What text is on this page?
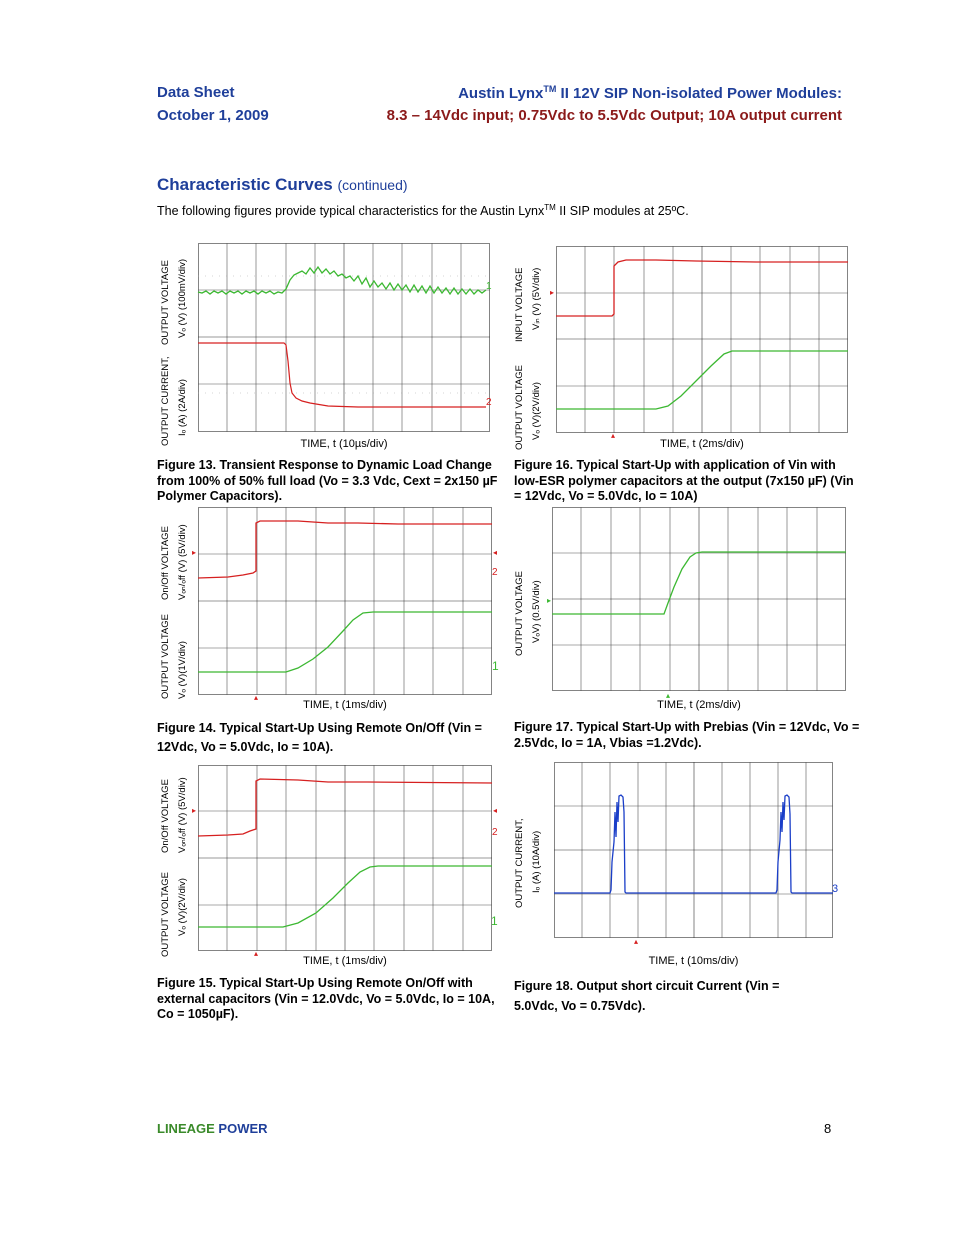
Data Sheet
October 1, 2009
Austin Lynx™ II 12V SIP Non-isolated Power Modules:
8.3 – 14Vdc input; 0.75Vdc to 5.5Vdc Output; 10A output current
Characteristic Curves (continued)
The following figures provide typical characteristics for the Austin Lynx™ II SIP modules at 25ºC.
OUTPUT CURRENT,
OUTPUT VOLTAGE
Iₒ (A) (2A/div)
Vₒ (V) (100mV/div)	1
2
TIME, t (10µs/div)
Figure 13. Transient Response to Dynamic Load Change from 100% of 50% full load (Vo = 3.3 Vdc, Cext = 2x150 µF Polymer Capacitors).
INPUT VOLTAGE Vᵢₙ (V) (5V/div)
OUTPUT VOLTAGE Vₒ (V)(2V/div)
▸
▴
TIME, t (2ms/div)
Figure 16. Typical Start-Up with application of Vin with low-ESR polymer capacitors at the output (7x150 µF) (Vin = 12Vdc, Vo = 5.0Vdc, Io = 10A)
On/Off VOLTAGE Vₒₙ/ₒff (V) (5V/div)
OUTPUT VOLTAGE Vₒ (V)(1V/div)
▸	◂
2
1
▴
TIME, t (1ms/div)
Figure 14. Typical Start-Up Using Remote On/Off (Vin = 12Vdc, Vo = 5.0Vdc, Io = 10A).
OUTPUT VOLTAGE VₒV) (0.5V/div) ▸
▴
TIME, t (2ms/div)
Figure 17. Typical Start-Up with Prebias (Vin = 12Vdc, Vo = 2.5Vdc, Io = 1A, Vbias =1.2Vdc).
On/Off VOLTAGE Vₒₙ/ₒff (V) (5V/div)
OUTPUT VOLTAGE Vₒ (V)(2V/div)
▸	◂
2
1
▴
TIME, t (1ms/div)
Figure 15. Typical Start-Up Using Remote On/Off with external capacitors (Vin = 12.0Vdc, Vo = 5.0Vdc, Io = 10A, Co = 1050µF).
OUTPUT CURRENT, Iₒ (A) (10A/div)	3
▴
TIME, t (10ms/div)
Figure 18. Output short circuit Current (Vin = 5.0Vdc, Vo = 0.75Vdc).
LINEAGE POWER	8
